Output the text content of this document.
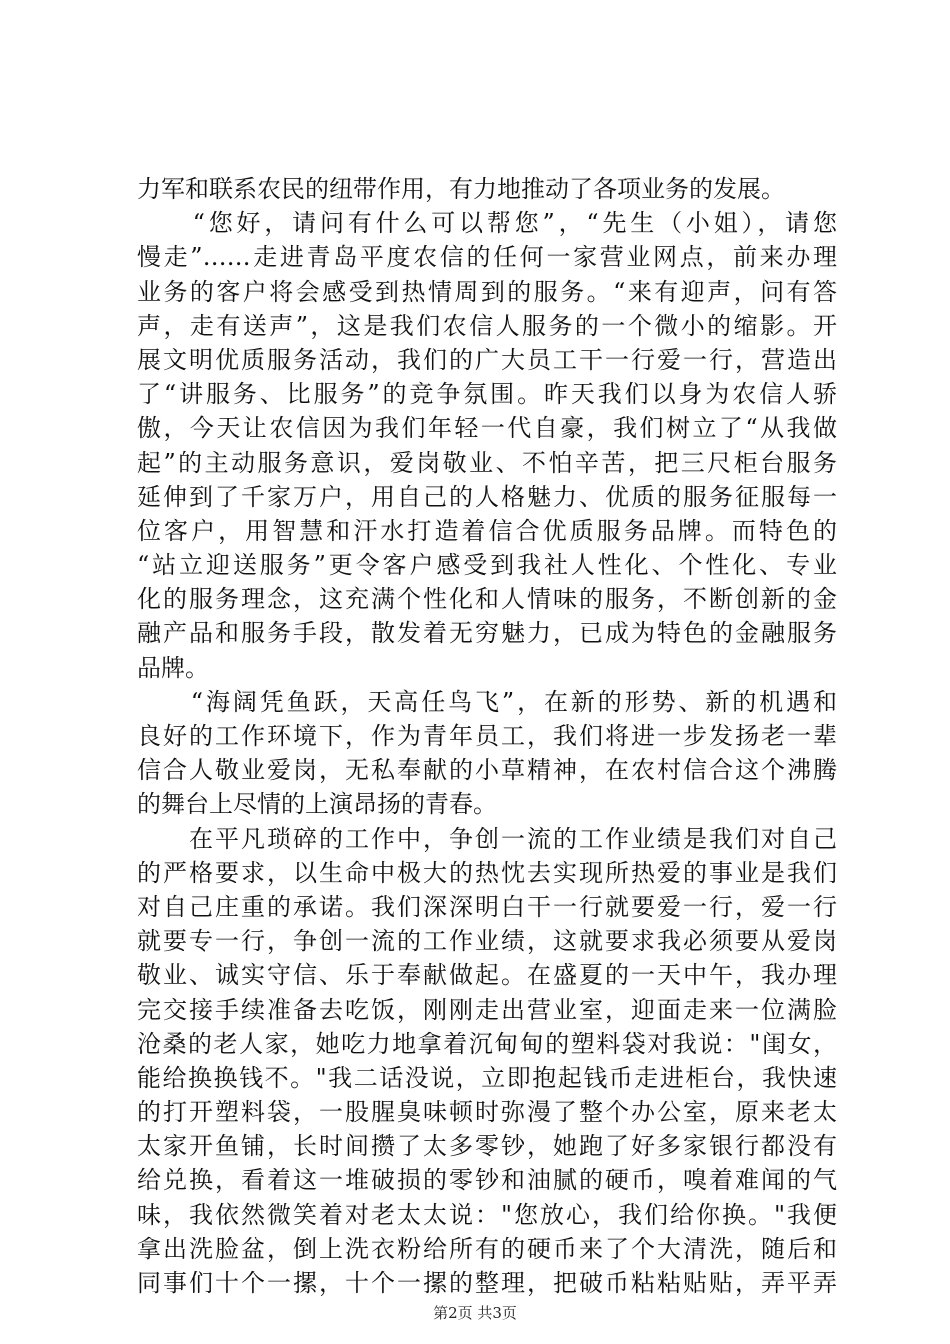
力军和联系农民的纽带作用，有力地推动了各项业务的发展。
　　“您好，请问有什么可以帮您”，“先生（小姐），请您
慢走”……走进青岛平度农信的任何一家营业网点，前来办理
业务的客户将会感受到热情周到的服务。“来有迎声，问有答
声，走有送声”，这是我们农信人服务的一个微小的缩影。开
展文明优质服务活动，我们的广大员工干一行爱一行，营造出
了“讲服务、比服务”的竞争氛围。昨天我们以身为农信人骄
傲，今天让农信因为我们年轻一代自豪，我们树立了“从我做
起”的主动服务意识，爱岗敬业、不怕辛苦，把三尺柜台服务
延伸到了千家万户，用自己的人格魅力、优质的服务征服每一
位客户，用智慧和汗水打造着信合优质服务品牌。而特色的
“站立迎送服务”更令客户感受到我社人性化、个性化、专业
化的服务理念，这充满个性化和人情味的服务，不断创新的金
融产品和服务手段，散发着无穷魅力，已成为特色的金融服务
品牌。
　　“海阔凭鱼跃，天高任鸟飞”，在新的形势、新的机遇和
良好的工作环境下，作为青年员工，我们将进一步发扬老一辈
信合人敬业爱岗，无私奉献的小草精神，在农村信合这个沸腾
的舞台上尽情的上演昂扬的青春。
　　在平凡琐碎的工作中，争创一流的工作业绩是我们对自己
的严格要求，以生命中极大的热忱去实现所热爱的事业是我们
对自己庄重的承诺。我们深深明白干一行就要爱一行，爱一行
就要专一行，争创一流的工作业绩，这就要求我必须要从爱岗
敬业、诚实守信、乐于奉献做起。在盛夏的一天中午，我办理
完交接手续准备去吃饭，刚刚走出营业室，迎面走来一位满脸
沧桑的老人家，她吃力地拿着沉甸甸的塑料袋对我说："闺女，
能给换换钱不。"我二话没说，立即抱起钱币走进柜台，我快速
的打开塑料袋，一股腥臭味顿时弥漫了整个办公室，原来老太
太家开鱼铺，长时间攒了太多零钞，她跑了好多家银行都没有
给兑换，看着这一堆破损的零钞和油腻的硬币，嗅着难闻的气
味，我依然微笑着对老太太说："您放心，我们给你换。"我便
拿出洗脸盆，倒上洗衣粉给所有的硬币来了个大清洗，随后和
同事们十个一摞，十个一摞的整理，把破币粘粘贴贴，弄平弄
第2页 共3页
